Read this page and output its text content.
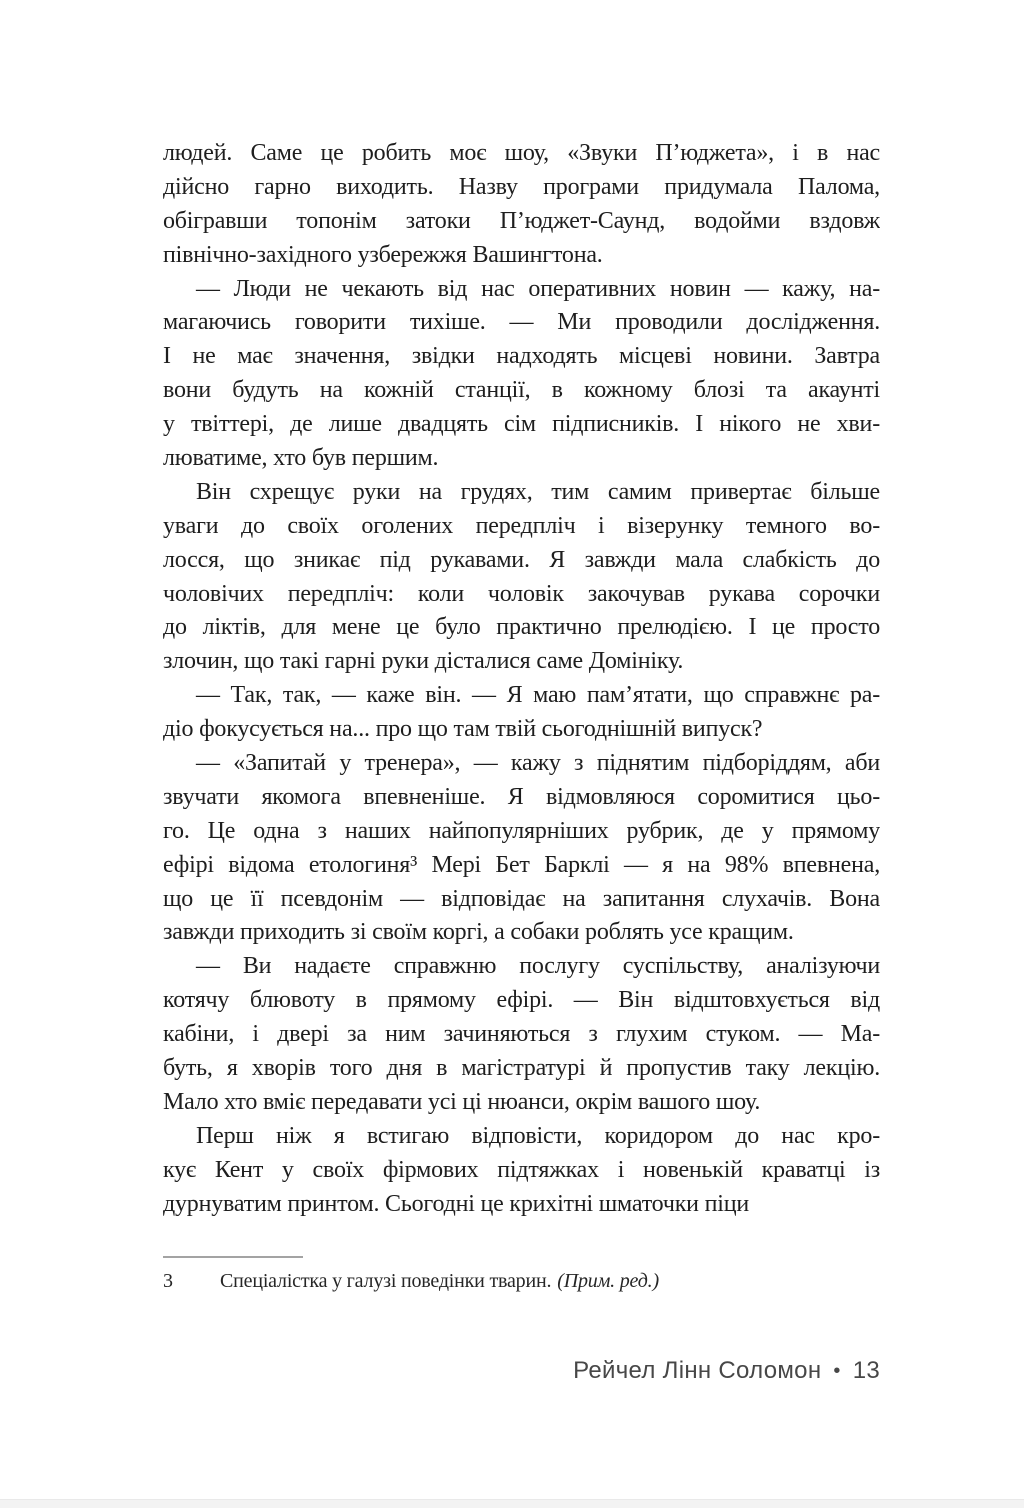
людей. Саме це робить моє шоу, «Звуки П’юджета», і в нас
дійсно гарно виходить. Назву програми придумала Палома,
обігравши топонім затоки П’юджет-Саунд, водойми вздовж
північно-західного узбережжя Вашингтона.
— Люди не чекають від нас оперативних новин — кажу, на-
магаючись говорити тихіше. — Ми проводили дослідження.
І не має значення, звідки надходять місцеві новини. Завтра
вони будуть на кожній станції, в кожному блозі та акаунті
у твіттері, де лише двадцять сім підписників. І нікого не хви-
люватиме, хто був першим.
Він схрещує руки на грудях, тим самим привертає більше
уваги до своїх оголених передпліч і візерунку темного во-
лосся, що зникає під рукавами. Я завжди мала слабкість до
чоловічих передпліч: коли чоловік закочував рукава сорочки
до ліктів, для мене це було практично прелюдією. І це просто
злочин, що такі гарні руки дісталися саме Домініку.
— Так, так, — каже він. — Я маю пам’ятати, що справжнє ра-
діо фокусується на... про що там твій сьогоднішній випуск?
— «Запитай у тренера», — кажу з піднятим підборіддям, аби
звучати якомога впевненіше. Я відмовляюся соромитися цьо-
го. Це одна з наших найпопулярніших рубрик, де у прямому
ефірі відома етологиня³ Мері Бет Барклі — я на 98% впевнена,
що це її псевдонім — відповідає на запитання слухачів. Вона
завжди приходить зі своїм коргі, а собаки роблять усе кращим.
— Ви надаєте справжню послугу суспільству, аналізуючи
котячу блювоту в прямому ефірі. — Він відштовхується від
кабіни, і двері за ним зачиняються з глухим стуком. — Ма-
буть, я хворів того дня в магістратурі й пропустив таку лекцію.
Мало хто вміє передавати усі ці нюанси, окрім вашого шоу.
Перш ніж я встигаю відповісти, коридором до нас кро-
кує Кент у своїх фірмових підтяжках і новенькій краватці із
дурнуватим принтом. Сьогодні це крихітні шматочки піци
3	Спеціалістка у галузі поведінки тварин. (Прим. ред.)
Рейчел Лінн Соломон • 13
